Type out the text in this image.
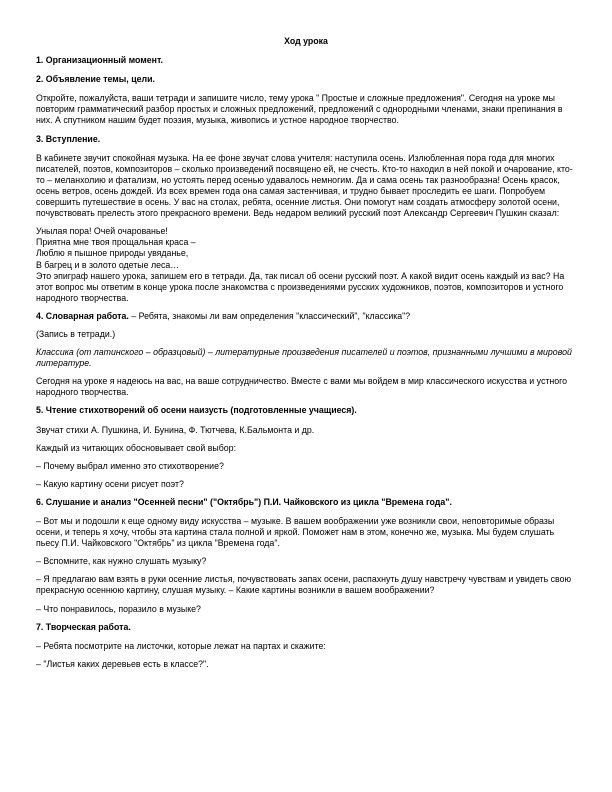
Ход урока
1. Организационный момент.
2. Объявление темы, цели.

Откройте, пожалуйста, ваши тетради и запишите число, тему урока " Простые и сложные предложения". Сегодня на уроке мы повторим грамматический разбор простых и сложных предложений, предложений с однородными членами, знаки препинания в них. А спутником нашим будет поэзия, музыка, живопись и устное народное творчество.

3. Вступление.

В кабинете звучит спокойная музыка. На ее фоне звучат слова учителя: наступила осень. Излюбленная пора года для многих писателей, поэтов, композиторов – сколько произведений посвящено ей, не счесть. Кто-то находил в ней покой и очарование, кто-то – меланхолию и фатализм, но устоять перед осенью удавалось немногим. Да и сама осень так разнообразна! Осень красок, осень ветров, осень дождей. Из всех времен года она самая застенчивая, и трудно бывает проследить ее шаги. Попробуем совершить путешествие в осень. У вас на столах, ребята, осенние листья. Они помогут нам создать атмосферу золотой осени, почувствовать прелесть этого прекрасного времени. Ведь недаром великий русский поэт Александр Сергеевич Пушкин сказал:

Унылая пора! Очей очарованье!
Приятна мне твоя прощальная краса –
Люблю я пышное природы увяданье,
В багрец и в золото одетые леса…

Это эпиграф нашего урока, запишем его в тетради. Да, так писал об осени русский поэт. А какой видит осень каждый из вас? На этот вопрос мы ответим в конце урока после знакомства с произведениями русских художников, поэтов, композиторов и устного народного творчества.

4. Словарная работа. – Ребята, знакомы ли вам определения "классический", "классика"?

(Запись в тетради.)

Классика (от латинского – образцовый) – литературные произведения писателей и поэтов, признанными лучшими в мировой литературе.

Сегодня на уроке я надеюсь на вас, на ваше сотрудничество. Вместе с вами мы войдем в мир классического искусства и устного народного творчества.

5. Чтение стихотворений об осени наизусть (подготовленные учащиеся).

Звучат стихи А. Пушкина, И. Бунина, Ф. Тютчева, К.Бальмонта и др.

Каждый из читающих обосновывает свой выбор:

– Почему выбрал именно это стихотворение?

– Какую картину осени рисует поэт?

6. Слушание и анализ "Осенней песни" ("Октябрь") П.И. Чайковского из цикла "Времена года".

– Вот мы и подошли к еще одному виду искусства – музыке. В вашем воображении уже возникли свои, неповторимые образы осени, и теперь я хочу, чтобы эта картина стала полной и яркой. Поможет нам в этом, конечно же, музыка. Мы будем слушать пьесу П.И. Чайковского "Октябрь" из цикла "Времена года".

– Вспомните, как нужно слушать музыку?

– Я предлагаю вам взять в руки осенние листья, почувствовать запах осени, распахнуть душу навстречу чувствам и увидеть свою прекрасную осеннюю картину, слушая музыку. – Какие картины возникли в вашем воображении?

– Что понравилось, поразило в музыке?

7. Творческая работа.

– Ребята посмотрите на листочки, которые лежат на партах и скажите:

– "Листья каких деревьев есть в классе?".
